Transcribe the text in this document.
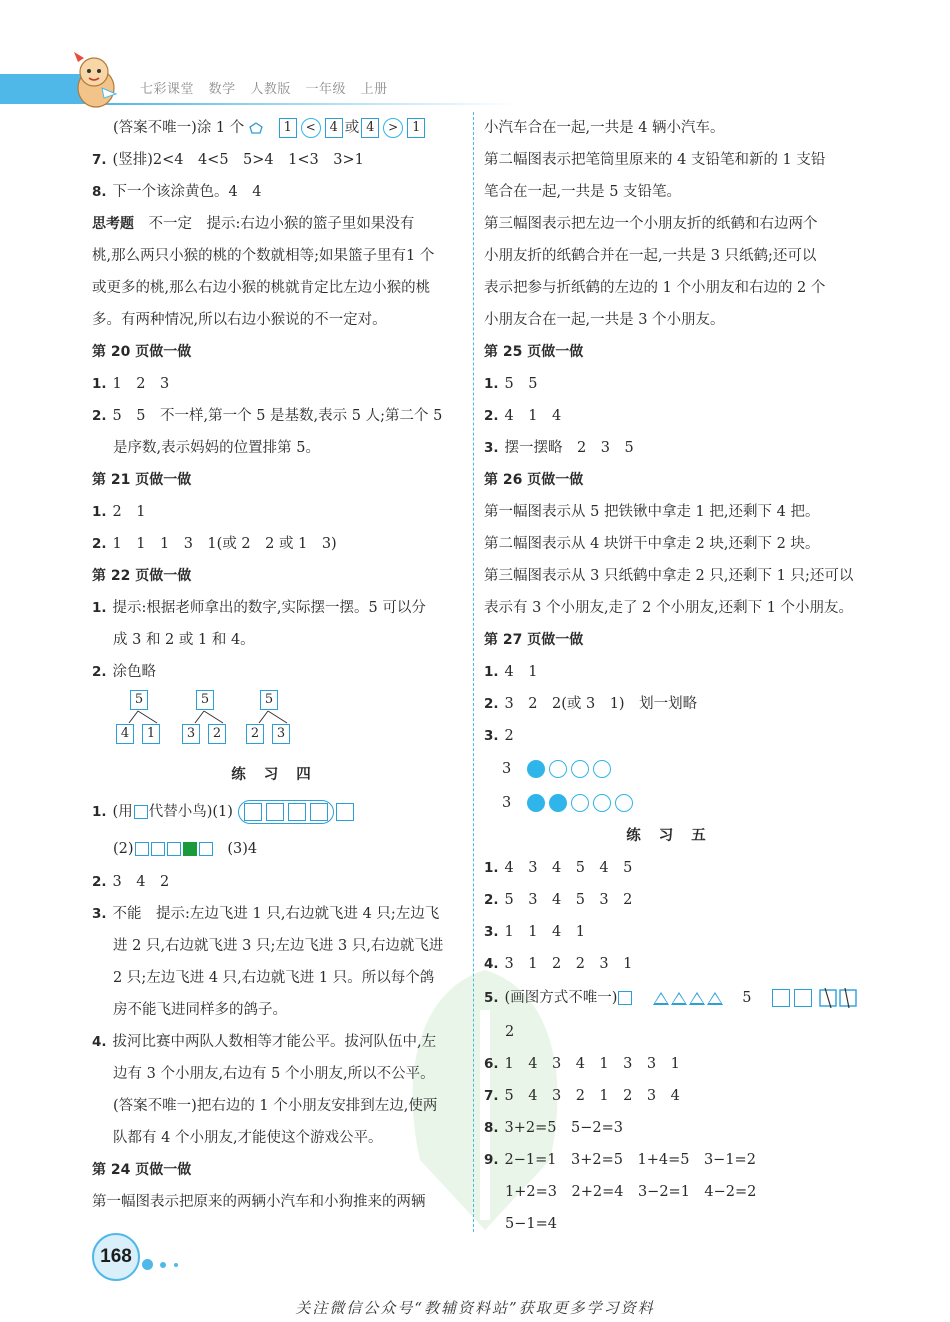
七彩课堂 数学 人教版 一年级 上册
(答案不唯一)涂 1 个	1 < 4 或 4 > 1
7. (竖排)2<4　4<5　5>4　1<3　3>1
8. 下一个该涂黄色。4　4
思考题　不一定　提示:右边小猴的篮子里如果没有
桃,那么两只小猴的桃的个数就相等;如果篮子里有1 个
或更多的桃,那么右边小猴的桃就肯定比左边小猴的桃
多。有两种情况,所以右边小猴说的不一定对。
第 20 页做一做
1. 1　2　3
2. 5　5　不一样,第一个 5 是基数,表示 5 人;第二个 5
是序数,表示妈妈的位置排第 5。
第 21 页做一做
1. 2　1
2. 1　1　1　3　1(或 2　2 或 1　3)
第 22 页做一做
1. 提示:根据老师拿出的数字,实际摆一摆。5 可以分
成 3 和 2 或 1 和 4。
2. 涂色略
5
4	1
5
3	2
5
2	3
练习四
1. (用 代替小鸟)(1)
(2)	(3)4
2. 3　4　2
3. 不能　提示:左边飞进 1 只,右边就飞进 4 只;左边飞
进 2 只,右边就飞进 3 只;左边飞进 3 只,右边就飞进
2 只;左边飞进 4 只,右边就飞进 1 只。所以每个鸽
房不能飞进同样多的鸽子。
4. 拔河比赛中两队人数相等才能公平。拔河队伍中,左
边有 3 个小朋友,右边有 5 个小朋友,所以不公平。
(答案不唯一)把右边的 1 个小朋友安排到左边,使两
队都有 4 个小朋友,才能使这个游戏公平。
第 24 页做一做
第一幅图表示把原来的两辆小汽车和小狗推来的两辆
小汽车合在一起,一共是 4 辆小汽车。
第二幅图表示把笔筒里原来的 4 支铅笔和新的 1 支铅
笔合在一起,一共是 5 支铅笔。
第三幅图表示把左边一个小朋友折的纸鹤和右边两个
小朋友折的纸鹤合并在一起,一共是 3 只纸鹤;还可以
表示把参与折纸鹤的左边的 1 个小朋友和右边的 2 个
小朋友合在一起,一共是 3 个小朋友。
第 25 页做一做
1. 5　5
2. 4　1　4
3. 摆一摆略　2　3　5
第 26 页做一做
第一幅图表示从 5 把铁锹中拿走 1 把,还剩下 4 把。
第二幅图表示从 4 块饼干中拿走 2 块,还剩下 2 块。
第三幅图表示从 3 只纸鹤中拿走 2 只,还剩下 1 只;还可以
表示有 3 个小朋友,走了 2 个小朋友,还剩下 1 个小朋友。
第 27 页做一做
1. 4　1
2. 3　2　2(或 3　1)　划一划略
3. 2
3
3
练习五
1. 4　3　4　5　4　5
2. 5　3　4　5　3　2
3. 1　1　4　1
4. 3　1　2　2　3　1
5. (画图方式不唯一)	5
2
6. 1　4　3　4　1　3　3　1
7. 5　4　3　2　1　2　3　4
8. 3+2=5　5−2=3
9. 2−1=1　3+2=5　1+4=5　3−1=2
1+2=3　2+2=4　3−2=1　4−2=2
5−1=4
168
关注微信公众号“教辅资料站”获取更多学习资料
